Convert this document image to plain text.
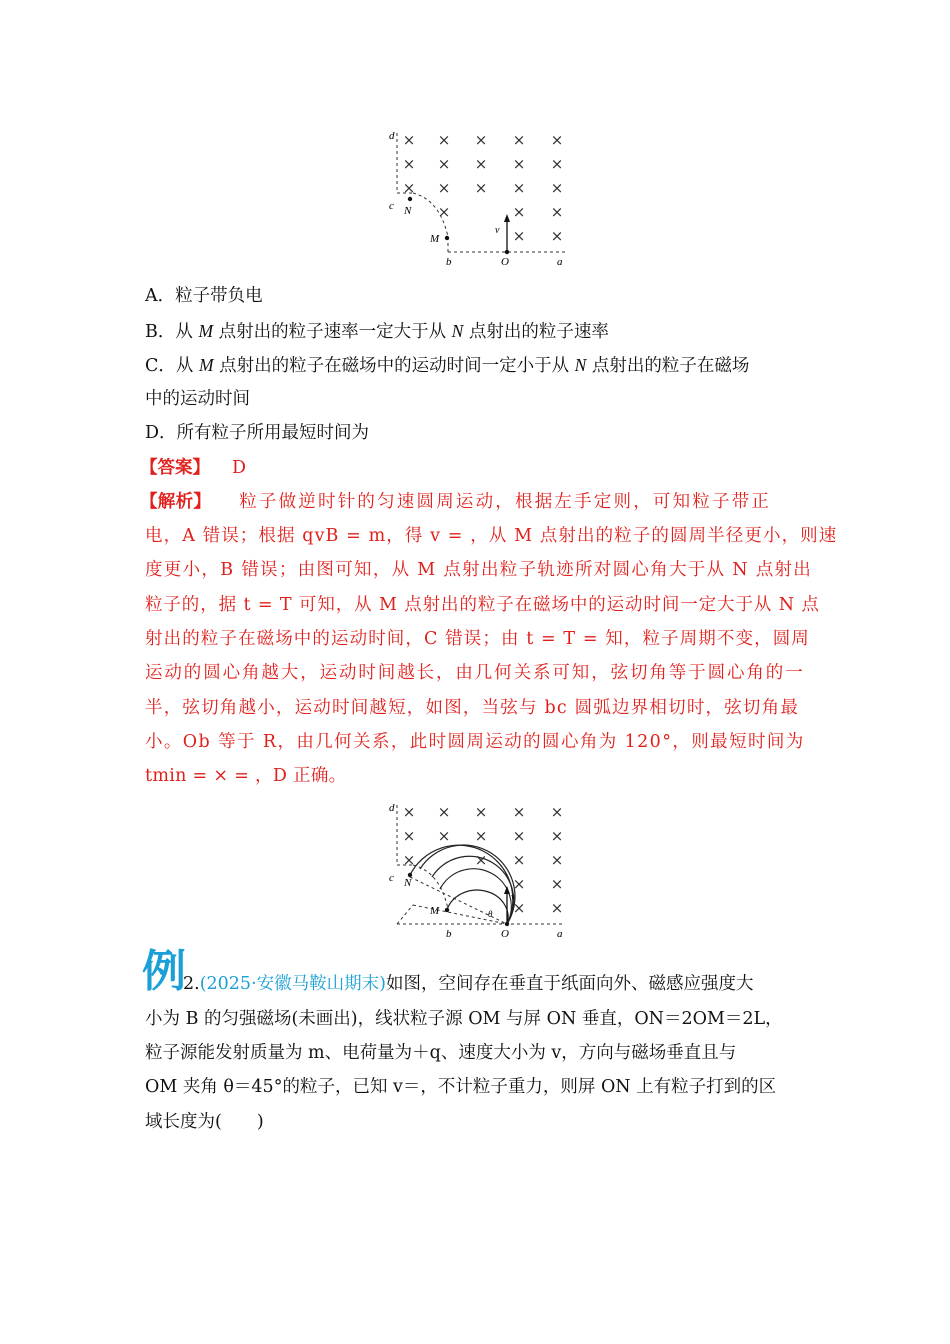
× × × × ×
× × × × ×
× × × × ×
×	× ×
× ×
d
c N
M
b	O	a
v
A．粒子带负电
B．从 M 点射出的粒子速率一定大于从 N 点射出的粒子速率
C．从 M 点射出的粒子在磁场中的运动时间一定小于从 N 点射出的粒子在磁场
中的运动时间
D．所有粒子所用最短时间为
【答案】 D
【解析】 粒子做逆时针的匀速圆周运动，根据左手定则，可知粒子带正
电，A 错误；根据 qvB = m，得 v = ，从 M 点射出的粒子的圆周半径更小，则速
度更小，B 错误；由图可知，从 M 点射出粒子轨迹所对圆心角大于从 N 点射出
粒子的，据 t = T 可知，从 M 点射出的粒子在磁场中的运动时间一定大于从 N 点
射出的粒子在磁场中的运动时间，C 错误；由 t = T = 知，粒子周期不变，圆周
运动的圆心角越大，运动时间越长，由几何关系可知，弦切角等于圆心角的一
半，弦切角越小，运动时间越短，如图，当弦与 bc 圆弧边界相切时，弦切角最
小。Ob 等于 R，由几何关系，此时圆周运动的圆心角为 120°，则最短时间为
tmin = × = ，D 正确。
× × × × ×
× × × × ×
×	× × ×
× ×
× ×
d
c N
M
b	O	a
v
θ
例
2.(2025·安徽马鞍山期末)如图，空间存在垂直于纸面向外、磁感应强度大
小为 B 的匀强磁场(未画出)，线状粒子源 OM 与屏 ON 垂直，ON＝2OM＝2L，
粒子源能发射质量为 m、电荷量为＋q、速度大小为 v，方向与磁场垂直且与
OM 夹角 θ＝45°的粒子，已知 v＝，不计粒子重力，则屏 ON 上有粒子打到的区
域长度为(　　)
